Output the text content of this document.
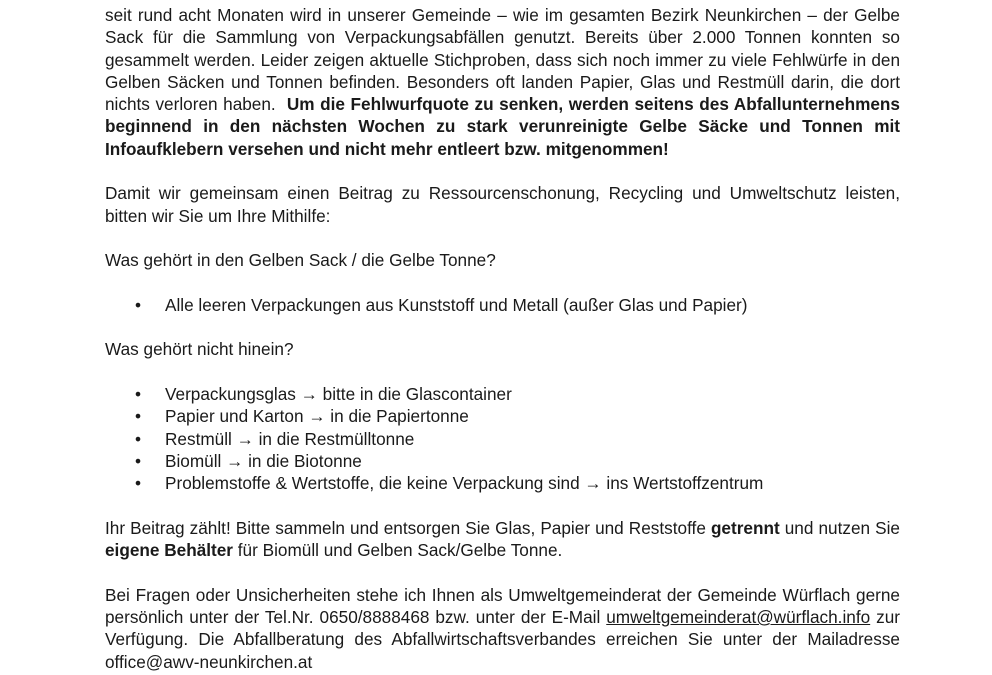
seit rund acht Monaten wird in unserer Gemeinde – wie im gesamten Bezirk Neunkirchen – der Gelbe Sack für die Sammlung von Verpackungsabfällen genutzt. Bereits über 2.000 Tonnen konnten so gesammelt werden. Leider zeigen aktuelle Stichproben, dass sich noch immer zu viele Fehlwürfe in den Gelben Säcken und Tonnen befinden. Besonders oft landen Papier, Glas und Restmüll darin, die dort nichts verloren haben. Um die Fehlwurfquote zu senken, werden seitens des Abfallunternehmens beginnend in den nächsten Wochen zu stark verunreinigte Gelbe Säcke und Tonnen mit Infoaufklebern versehen und nicht mehr entleert bzw. mitgenommen!

Damit wir gemeinsam einen Beitrag zu Ressourcenschonung, Recycling und Umweltschutz leisten, bitten wir Sie um Ihre Mithilfe:

Was gehört in den Gelben Sack / die Gelbe Tonne?

• Alle leeren Verpackungen aus Kunststoff und Metall (außer Glas und Papier)

Was gehört nicht hinein?

• Verpackungsglas → bitte in die Glascontainer
• Papier und Karton → in die Papiertonne
• Restmüll → in die Restmülltonne
• Biomüll → in die Biotonne
• Problemstoffe & Wertstoffe, die keine Verpackung sind → ins Wertstoffzentrum

Ihr Beitrag zählt! Bitte sammeln und entsorgen Sie Glas, Papier und Reststoffe getrennt und nutzen Sie eigene Behälter für Biomüll und Gelben Sack/Gelbe Tonne.

Bei Fragen oder Unsicherheiten stehe ich Ihnen als Umweltgemeinderat der Gemeinde Würflach gerne persönlich unter der Tel.Nr. 0650/8888468 bzw. unter der E-Mail umweltgemeinderat@würflach.info zur Verfügung. Die Abfallberatung des Abfallwirtschaftsverbandes erreichen Sie unter der Mailadresse office@awv-neunkirchen.at
